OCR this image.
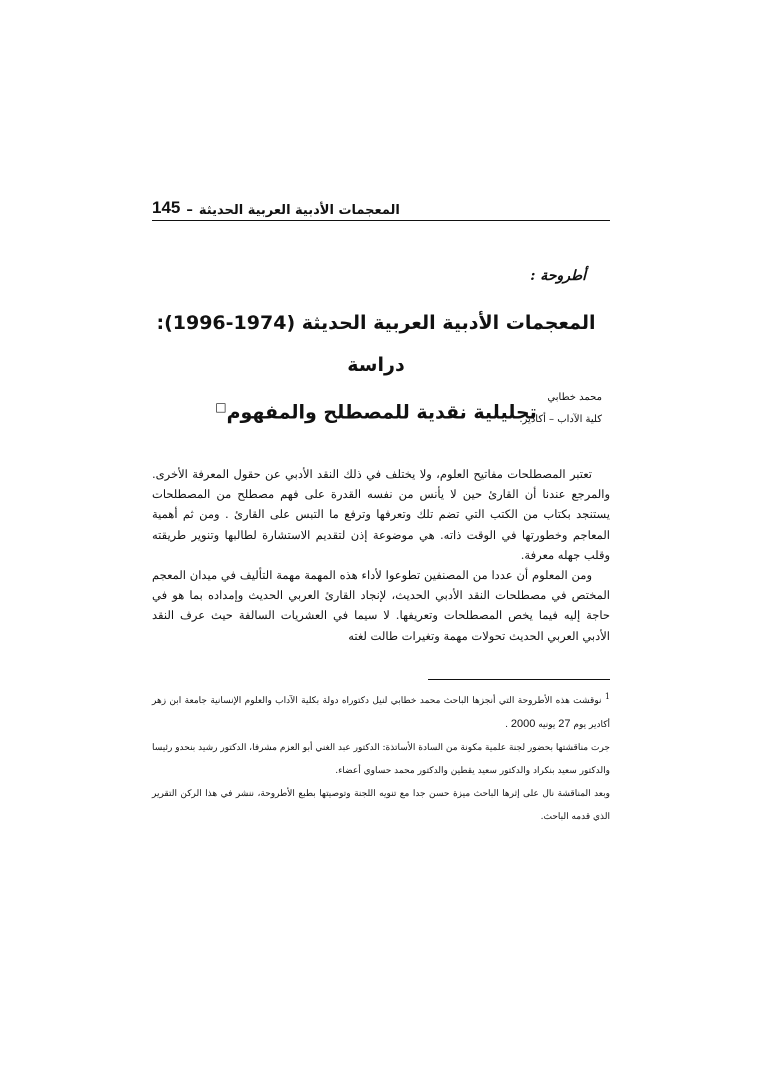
المعجمات الأدبية العربية الحديثة
–
145
أطروحة :
المعجمات الأدبية العربية الحديثة (1974-1996): دراسة
تحليلية نقدية للمصطلح والمفهوم□
محمد خطابي
كلية الآداب – أكادير.

تعتبر المصطلحات مفاتيح العلوم، ولا يختلف في ذلك النقد الأدبي عن حقول المعرفة الأخرى. والمرجع عندنا أن القارئ حين لا يأنس من نفسه القدرة على فهم مصطلح من المصطلحات يستنجد بكتاب من الكتب التي تضم تلك وتعرفها وترفع ما التبس على القارئ . ومن ثم أهمية المعاجم وخطورتها في الوقت ذاته. هي موضوعة إذن لتقديم الاستشارة لطالبها وتنوير طريقته وقلب جهله معرفة.

ومن المعلوم أن عددا من المصنفين تطوعوا لأداء هذه المهمة مهمة التأليف في ميدان المعجم المختص في مصطلحات النقد الأدبي الحديث، لإنجاد القارئ العربي الحديث وإمداده بما هو في حاجة إليه فيما يخص المصطلحات وتعريفها. لا سيما في العشريات السالفة حيث عرف النقد الأدبي العربي الحديث تحولات مهمة وتغيرات طالت لغته

1 نوقشت هذه الأطروحة التي أنجزها الباحث محمد خطابي لنيل دكتوراه دولة بكلية الآداب والعلوم الإنسانية جامعة ابن زهر أكادير يوم 27 يونيه 2000 .

جرت مناقشتها بحضور لجنة علمية مكونة من السادة الأساتذة: الدكتور عبد الغني أبو العزم مشرفا، الدكتور رشيد بنحدو رئيسا والدكتور سعيد بنكراد والدكتور سعيد يقطين والدكتور محمد حساوي أعضاء.

وبعد المناقشة نال على إثرها الباحث ميزة حسن جدا مع تنويه اللجنة وتوصيتها بطبع الأطروحة، ننشر في هذا الركن التقرير الذي قدمه الباحث.
